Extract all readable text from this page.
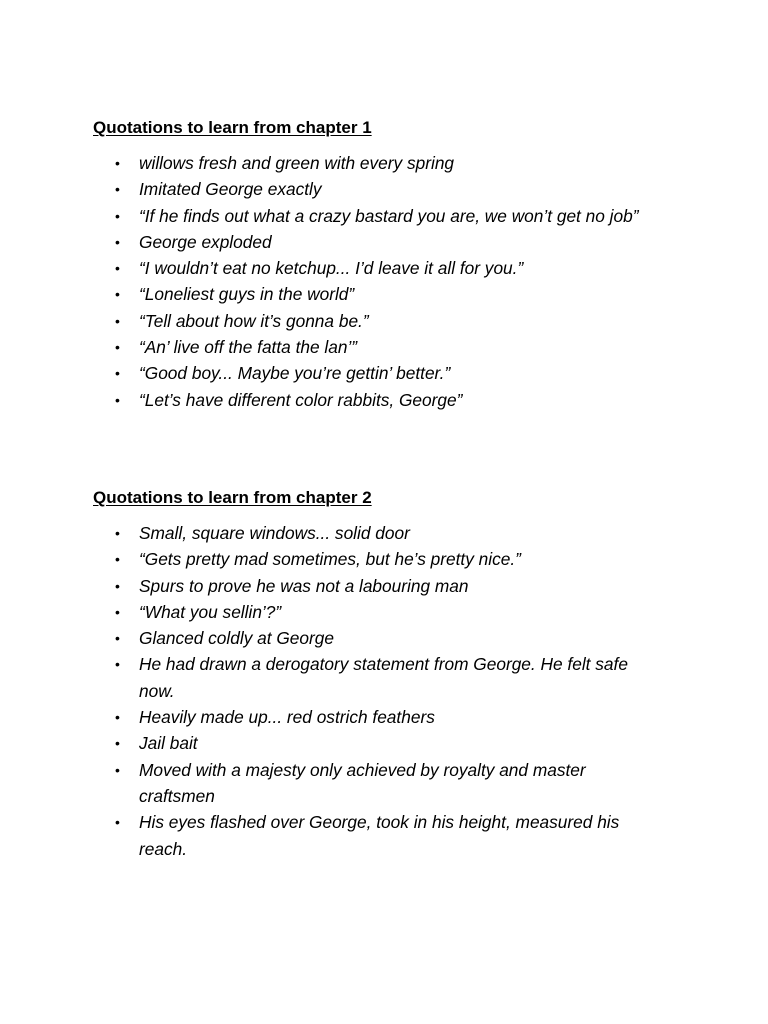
Quotations to learn from chapter 1
• willows fresh and green with every spring
• Imitated George exactly
• “If he finds out what a crazy bastard you are, we won’t get no job”
• George exploded
• “I wouldn’t eat no ketchup... I’d leave it all for you.”
• “Loneliest guys in the world”
• “Tell about how it’s gonna be.”
• “An’ live off the fatta the lan’”
• “Good boy... Maybe you’re gettin’ better.”
• “Let’s have different color rabbits, George”
Quotations to learn from chapter 2
• Small, square windows... solid door
• “Gets pretty mad sometimes, but he’s pretty nice.”
• Spurs to prove he was not a labouring man
• “What you sellin’?”
• Glanced coldly at George
• He had drawn a derogatory statement from George. He felt safe now.
• Heavily made up... red ostrich feathers
• Jail bait
• Moved with a majesty only achieved by royalty and master craftsmen
• His eyes flashed over George, took in his height, measured his reach.
